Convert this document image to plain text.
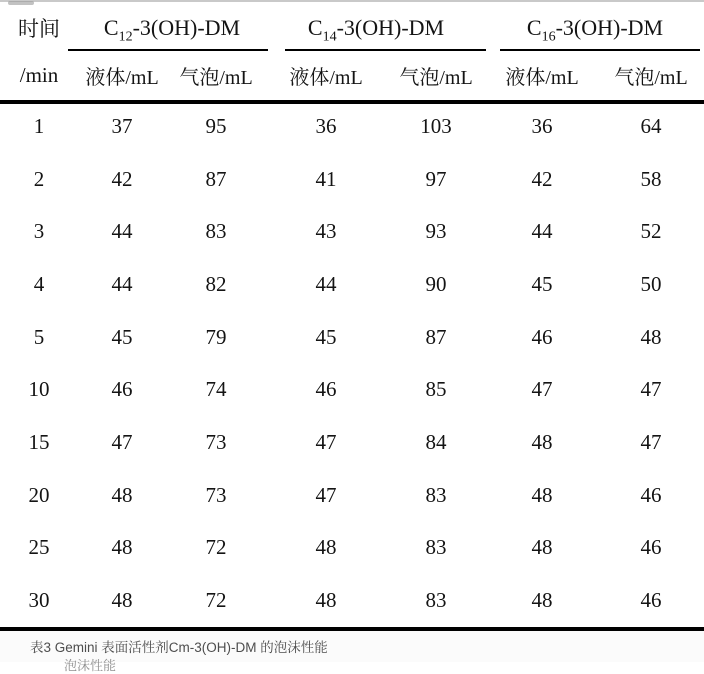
时间
/min	$C_{12}-3(OH)-DM$		$C_{14}-3(OH)-DM$		$C_{16}-3(OH)-DM$	
	液体/mL	气泡/mL	液体/mL	气泡/mL	液体/mL	气泡/mL
1	37	95	36	103	36	64
2	42	87	41	97	42	58
3	44	83	43	93	44	52
4	44	82	44	90	45	50
5	45	79	45	87	46	48
10	46	74	46	85	47	47
15	47	73	47	84	48	47
20	48	73	47	83	48	46
25	48	72	48	83	48	46
30	48	72	48	83	48	46
表3 Gemini 表面活性剂Cm-3(OH)-DM 的泡沫性能
泡沫性能
